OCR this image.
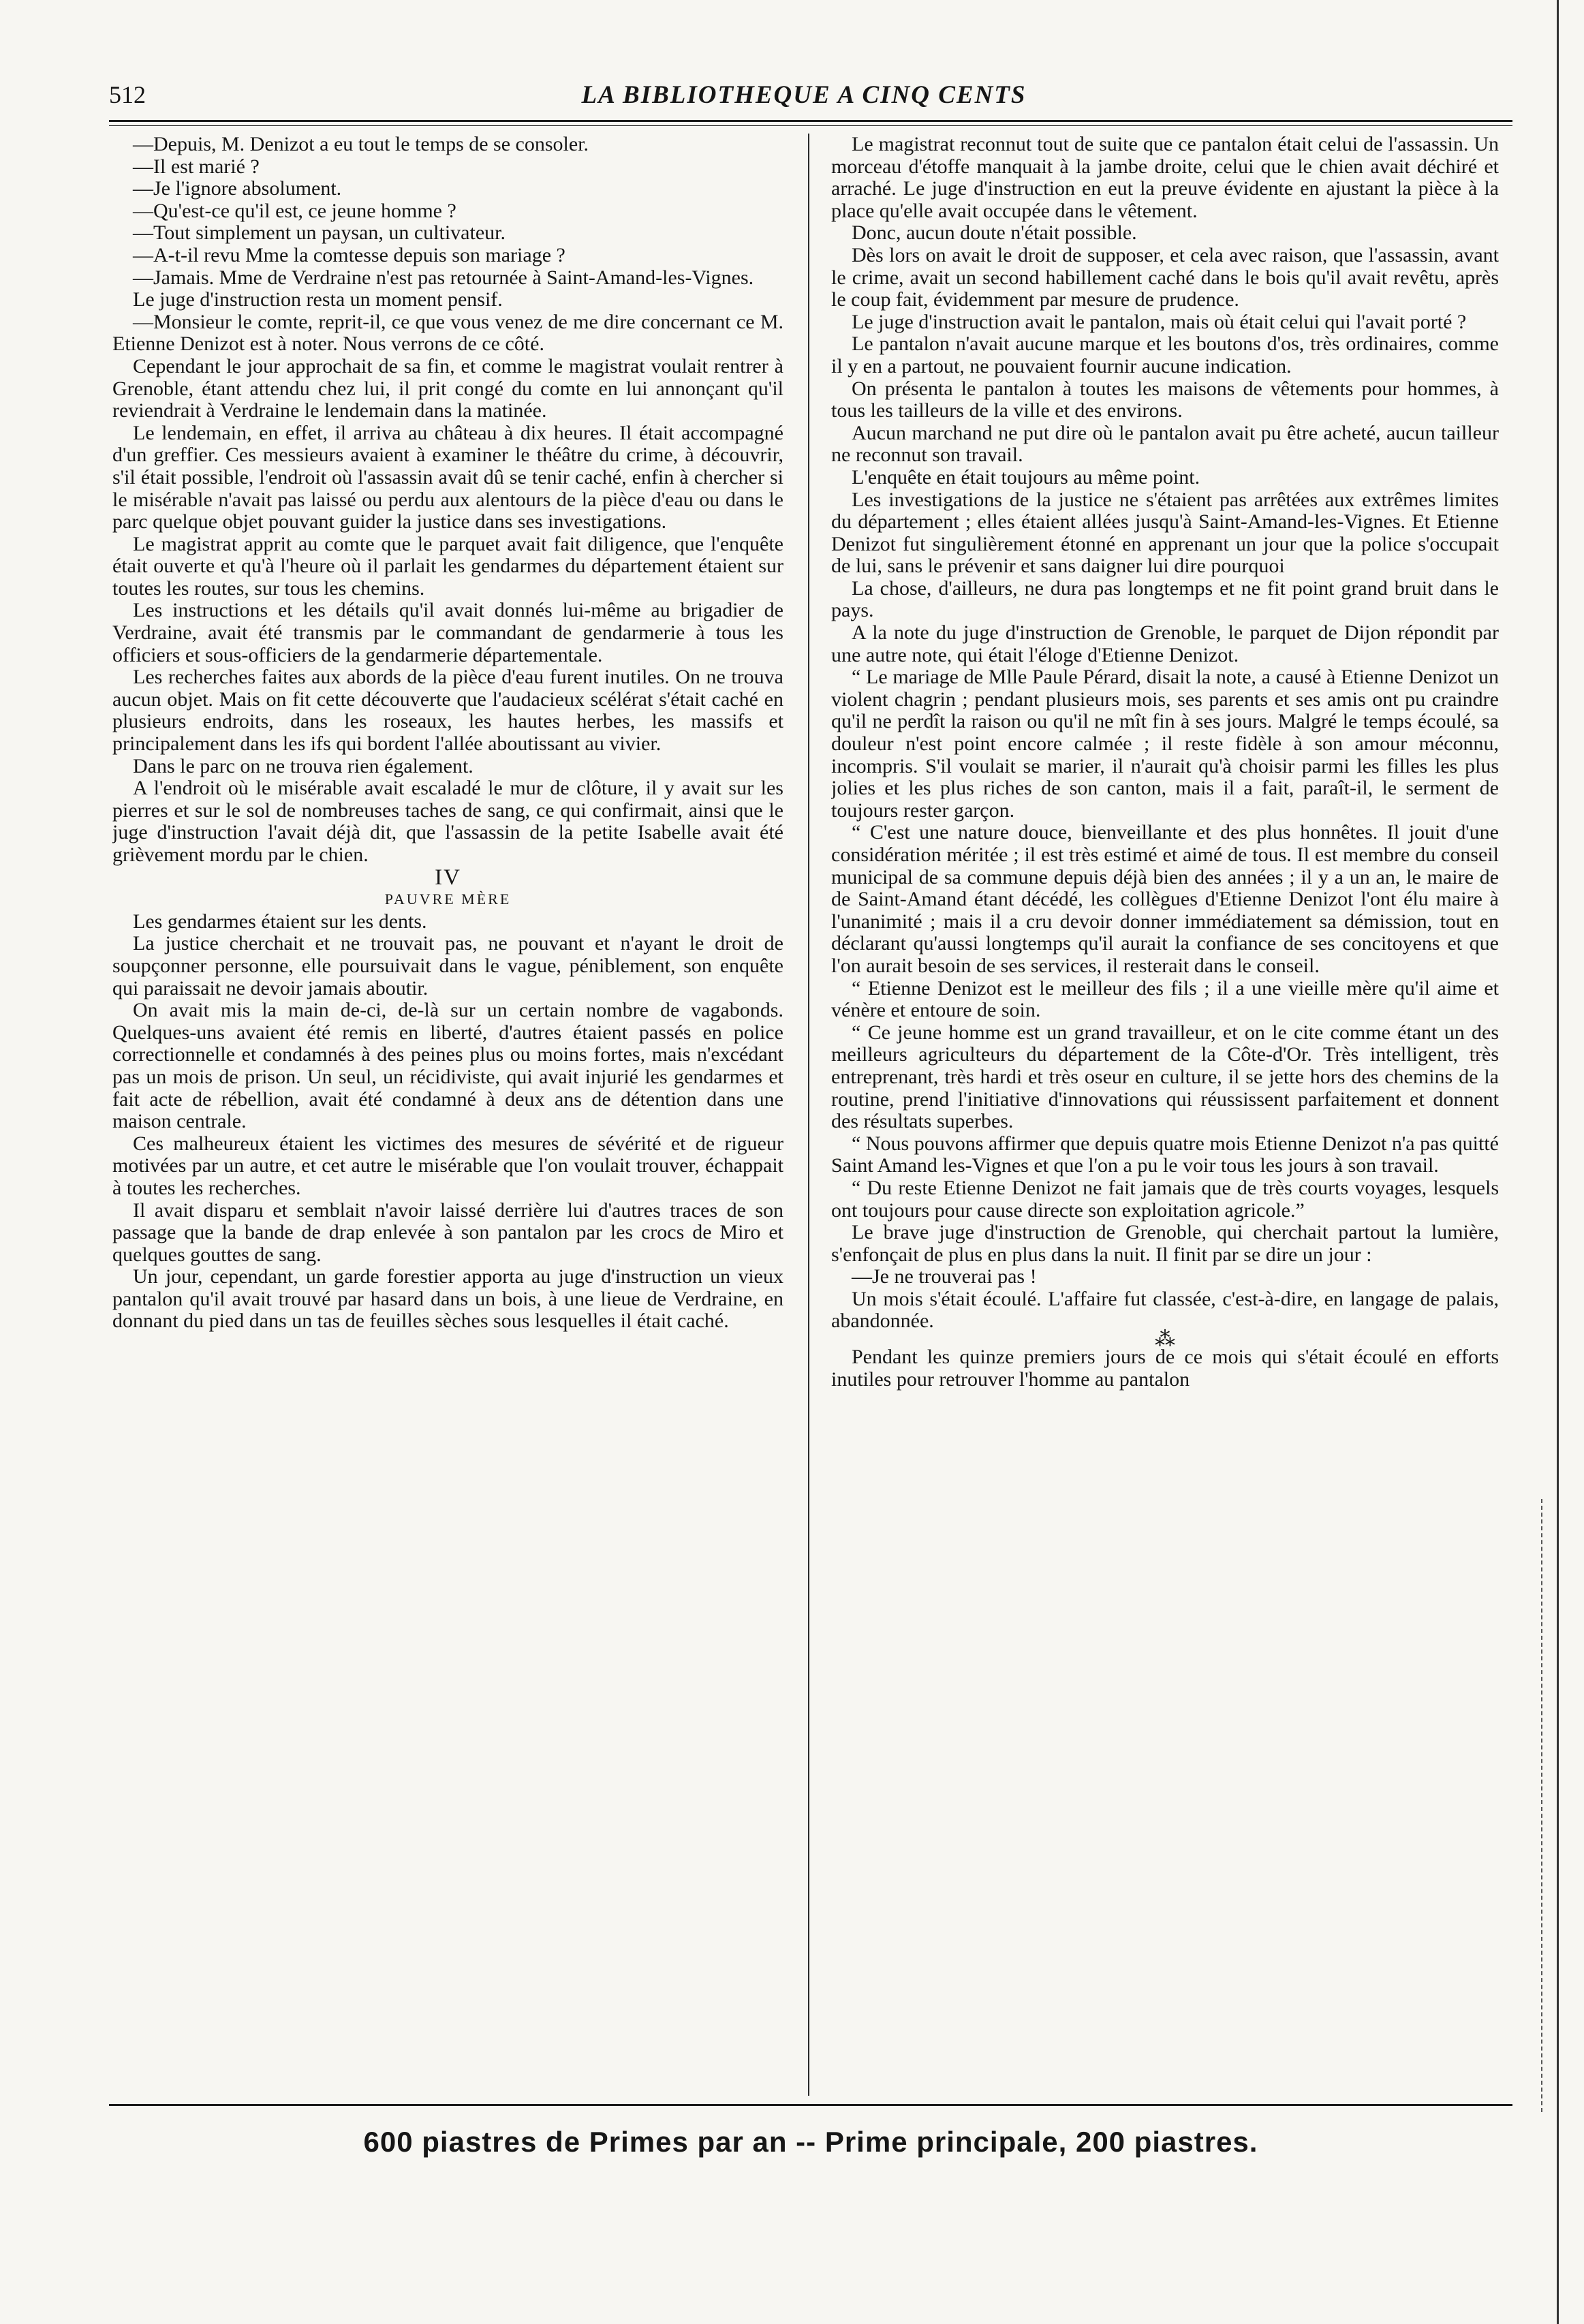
512	LA BIBLIOTHEQUE A CINQ CENTS

—Depuis, M. Denizot a eu tout le temps de se consoler.

—Il est marié ?

—Je l'ignore absolument.

—Qu'est-ce qu'il est, ce jeune homme ?

—Tout simplement un paysan, un cultivateur.

—A-t-il revu Mme la comtesse depuis son mariage ?

—Jamais. Mme de Verdraine n'est pas retournée à Saint-Amand-les-Vignes.

Le juge d'instruction resta un moment pensif.

—Monsieur le comte, reprit-il, ce que vous venez de me dire concernant ce M. Etienne Denizot est à noter. Nous verrons de ce côté.

Cependant le jour approchait de sa fin, et comme le magistrat voulait rentrer à Grenoble, étant attendu chez lui, il prit congé du comte en lui annonçant qu'il reviendrait à Verdraine le lendemain dans la matinée.

Le lendemain, en effet, il arriva au château à dix heures. Il était accompagné d'un greffier. Ces messieurs avaient à examiner le théâtre du crime, à découvrir, s'il était possible, l'endroit où l'assassin avait dû se tenir caché, enfin à chercher si le misérable n'avait pas laissé ou perdu aux alentours de la pièce d'eau ou dans le parc quelque objet pouvant guider la justice dans ses investigations.

Le magistrat apprit au comte que le parquet avait fait diligence, que l'enquête était ouverte et qu'à l'heure où il parlait les gendarmes du département étaient sur toutes les routes, sur tous les chemins.

Les instructions et les détails qu'il avait donnés lui-même au brigadier de Verdraine, avait été transmis par le commandant de gendarmerie à tous les officiers et sous-officiers de la gendarmerie départementale.

Les recherches faites aux abords de la pièce d'eau furent inutiles. On ne trouva aucun objet. Mais on fit cette découverte que l'audacieux scélérat s'était caché en plusieurs endroits, dans les roseaux, les hautes herbes, les massifs et principalement dans les ifs qui bordent l'allée aboutissant au vivier.

Dans le parc on ne trouva rien également.

A l'endroit où le misérable avait escaladé le mur de clôture, il y avait sur les pierres et sur le sol de nombreuses taches de sang, ce qui confirmait, ainsi que le juge d'instruction l'avait déjà dit, que l'assassin de la petite Isabelle avait été grièvement mordu par le chien.

IV

PAUVRE MÈRE

Les gendarmes étaient sur les dents.

La justice cherchait et ne trouvait pas, ne pouvant et n'ayant le droit de soupçonner personne, elle poursuivait dans le vague, péniblement, son enquête qui paraissait ne devoir jamais aboutir.

On avait mis la main de-ci, de-là sur un certain nombre de vagabonds. Quelques-uns avaient été remis en liberté, d'autres étaient passés en police correctionnelle et condamnés à des peines plus ou moins fortes, mais n'excédant pas un mois de prison. Un seul, un récidiviste, qui avait injurié les gendarmes et fait acte de rébellion, avait été condamné à deux ans de détention dans une maison centrale.

Ces malheureux étaient les victimes des mesures de sévérité et de rigueur motivées par un autre, et cet autre le misérable que l'on voulait trouver, échappait à toutes les recherches.

Il avait disparu et semblait n'avoir laissé derrière lui d'autres traces de son passage que la bande de drap enlevée à son pantalon par les crocs de Miro et quelques gouttes de sang.

Un jour, cependant, un garde forestier apporta au juge d'instruction un vieux pantalon qu'il avait trouvé par hasard dans un bois, à une lieue de Verdraine, en donnant du pied dans un tas de feuilles sèches sous lesquelles il était caché.

Le magistrat reconnut tout de suite que ce pantalon était celui de l'assassin. Un morceau d'étoffe manquait à la jambe droite, celui que le chien avait déchiré et arraché. Le juge d'instruction en eut la preuve évidente en ajustant la pièce à la place qu'elle avait occupée dans le vêtement.

Donc, aucun doute n'était possible.

Dès lors on avait le droit de supposer, et cela avec raison, que l'assassin, avant le crime, avait un second habillement caché dans le bois qu'il avait revêtu, après le coup fait, évidemment par mesure de prudence.

Le juge d'instruction avait le pantalon, mais où était celui qui l'avait porté ?

Le pantalon n'avait aucune marque et les boutons d'os, très ordinaires, comme il y en a partout, ne pouvaient fournir aucune indication.

On présenta le pantalon à toutes les maisons de vêtements pour hommes, à tous les tailleurs de la ville et des environs.

Aucun marchand ne put dire où le pantalon avait pu être acheté, aucun tailleur ne reconnut son travail.

L'enquête en était toujours au même point.

Les investigations de la justice ne s'étaient pas arrêtées aux extrêmes limites du département ; elles étaient allées jusqu'à Saint-Amand-les-Vignes. Et Etienne Denizot fut singulièrement étonné en apprenant un jour que la police s'occupait de lui, sans le prévenir et sans daigner lui dire pourquoi

La chose, d'ailleurs, ne dura pas longtemps et ne fit point grand bruit dans le pays.

A la note du juge d'instruction de Grenoble, le parquet de Dijon répondit par une autre note, qui était l'éloge d'Etienne Denizot.

“ Le mariage de Mlle Paule Pérard, disait la note, a causé à Etienne Denizot un violent chagrin ; pendant plusieurs mois, ses parents et ses amis ont pu craindre qu'il ne perdît la raison ou qu'il ne mît fin à ses jours. Malgré le temps écoulé, sa douleur n'est point encore calmée ; il reste fidèle à son amour méconnu, incompris. S'il voulait se marier, il n'aurait qu'à choisir parmi les filles les plus jolies et les plus riches de son canton, mais il a fait, paraît-il, le serment de toujours rester garçon.

“ C'est une nature douce, bienveillante et des plus honnêtes. Il jouit d'une considération méritée ; il est très estimé et aimé de tous. Il est membre du conseil municipal de sa commune depuis déjà bien des années ; il y a un an, le maire de de Saint-Amand étant décédé, les collègues d'Etienne Denizot l'ont élu maire à l'unanimité ; mais il a cru devoir donner immédiatement sa démission, tout en déclarant qu'aussi longtemps qu'il aurait la confiance de ses concitoyens et que l'on aurait besoin de ses services, il resterait dans le conseil.

“ Etienne Denizot est le meilleur des fils ; il a une vieille mère qu'il aime et vénère et entoure de soin.

“ Ce jeune homme est un grand travailleur, et on le cite comme étant un des meilleurs agriculteurs du département de la Côte-d'Or. Très intelligent, très entreprenant, très hardi et très oseur en culture, il se jette hors des chemins de la routine, prend l'initiative d'innovations qui réussissent parfaitement et donnent des résultats superbes.

“ Nous pouvons affirmer que depuis quatre mois Etienne Denizot n'a pas quitté Saint Amand les-Vignes et que l'on a pu le voir tous les jours à son travail.

“ Du reste Etienne Denizot ne fait jamais que de très courts voyages, lesquels ont toujours pour cause directe son exploitation agricole.”

Le brave juge d'instruction de Grenoble, qui cherchait partout la lumière, s'enfonçait de plus en plus dans la nuit. Il finit par se dire un jour :

—Je ne trouverai pas !

Un mois s'était écoulé. L'affaire fut classée, c'est-à-dire, en langage de palais, abandonnée.

⁂

Pendant les quinze premiers jours de ce mois qui s'était écoulé en efforts inutiles pour retrouver l'homme au pantalon

600 piastres de Primes par an -- Prime principale, 200 piastres.
